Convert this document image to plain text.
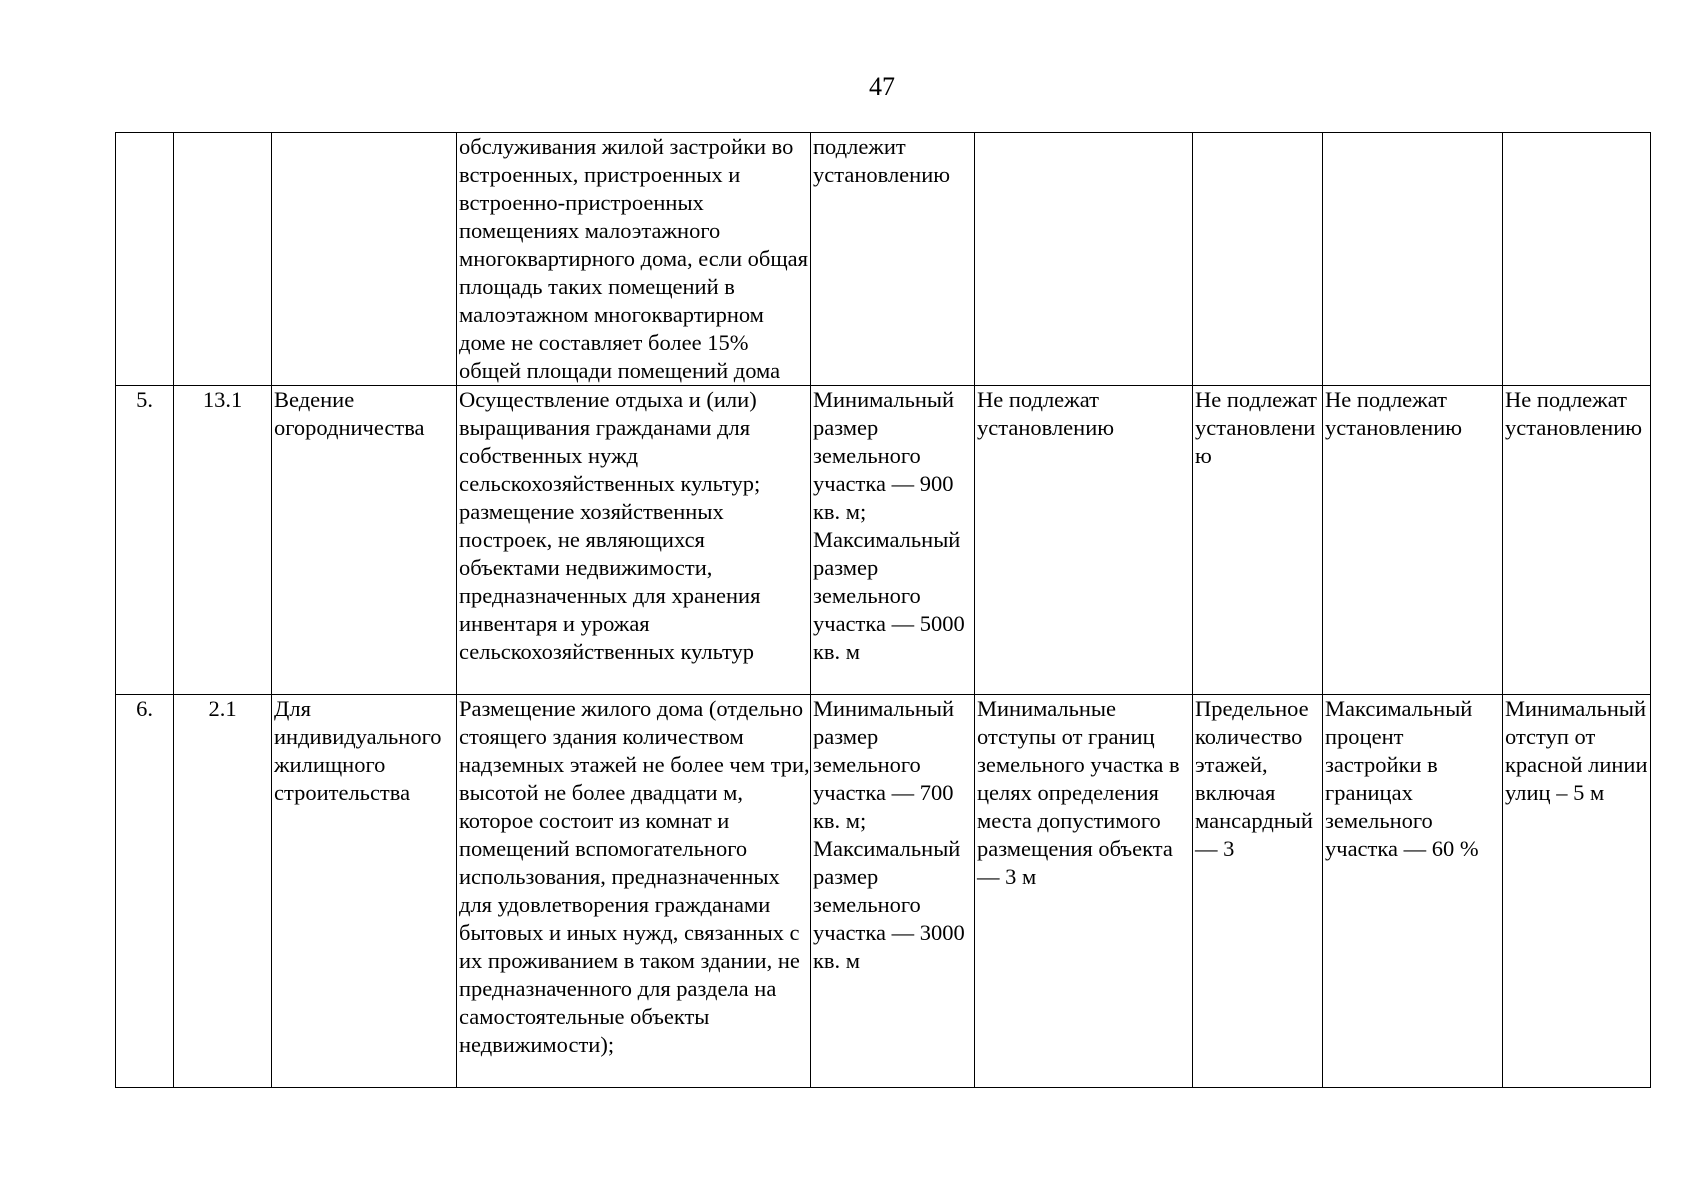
47
			обслуживания жилой застройки во встроенных, пристроенных и встроенно-пристроенных помещениях малоэтажного многоквартирного дома, если общая площадь таких помещений в малоэтажном многоквартирном доме не составляет более 15% общей площади помещений дома	подлежит установлению				
5.	13.1	Ведение огородничества	Осуществление отдыха и (или) выращивания гражданами для собственных нужд сельскохозяйственных культур; размещение хозяйственных построек, не являющихся объектами недвижимости, предназначенных для хранения инвентаря и урожая сельскохозяйственных культур	Минимальный размер земельного участка — 900 кв. м; Максимальный размер земельного участка — 5000 кв. м	Не подлежат установлению	Не подлежат установлению	Не подлежат установлению	Не подлежат установлению
6.	2.1	Для индивидуального жилищного строительства	Размещение жилого дома (отдельно стоящего здания количеством надземных этажей не более чем три, высотой не более двадцати м, которое состоит из комнат и помещений вспомогательного использования, предназначенных для удовлетворения гражданами бытовых и иных нужд, связанных с их проживанием в таком здании, не предназначенного для раздела на самостоятельные объекты недвижимости);	Минимальный размер земельного участка — 700 кв. м; Максимальный размер земельного участка — 3000 кв. м	Минимальные отступы от границ земельного участка в целях определения места допустимого размещения объекта — 3 м	Предельное количество этажей, включая мансардный — 3	Максимальный процент застройки в границах земельного участка — 60 %	Минимальный отступ от красной линии улиц – 5 м
